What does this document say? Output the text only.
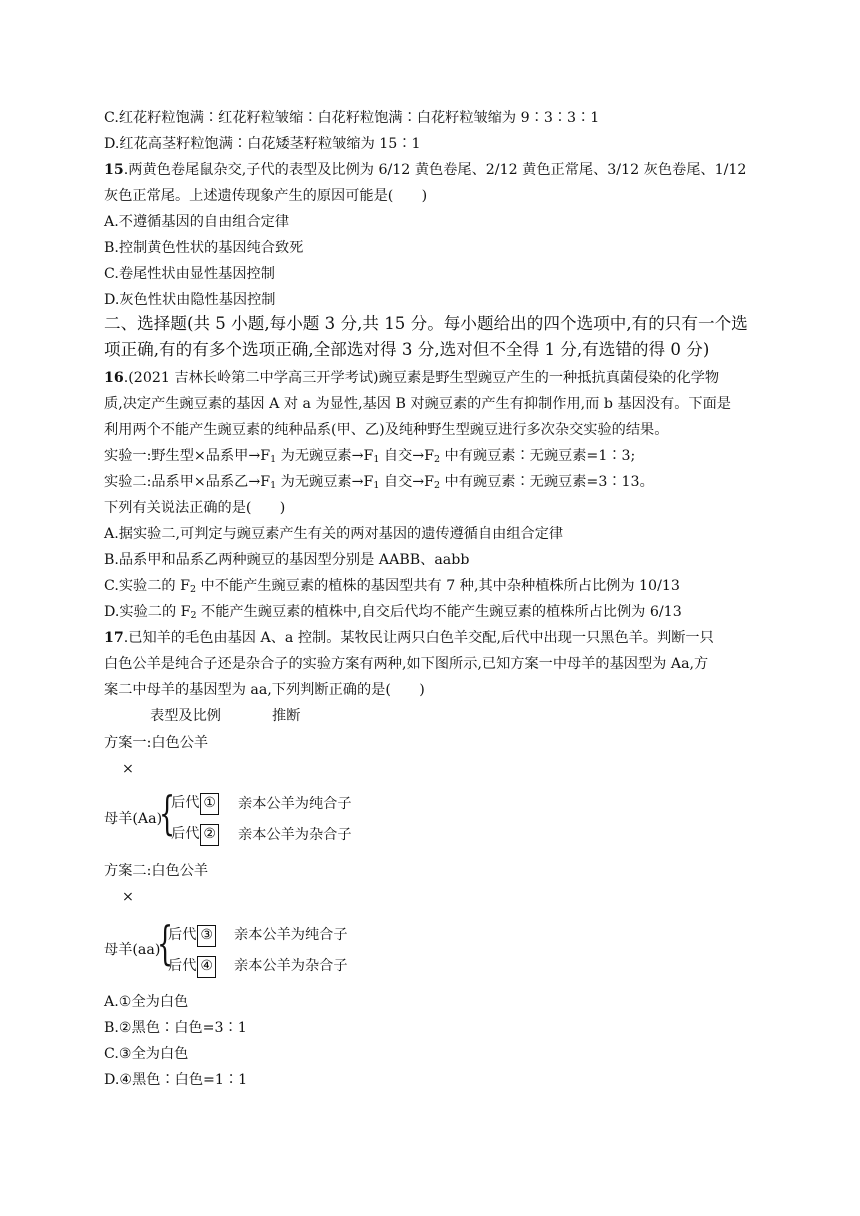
C.红花籽粒饱满∶红花籽粒皱缩∶白花籽粒饱满∶白花籽粒皱缩为 9∶3∶3∶1
D.红花高茎籽粒饱满∶白花矮茎籽粒皱缩为 15∶1
15.两黄色卷尾鼠杂交,子代的表型及比例为 6/12 黄色卷尾、2/12 黄色正常尾、3/12 灰色卷尾、1/12
灰色正常尾。上述遗传现象产生的原因可能是(　　)
A.不遵循基因的自由组合定律
B.控制黄色性状的基因纯合致死
C.卷尾性状由显性基因控制
D.灰色性状由隐性基因控制
二、选择题(共 5 小题,每小题 3 分,共 15 分。每小题给出的四个选项中,有的只有一个选
项正确,有的有多个选项正确,全部选对得 3 分,选对但不全得 1 分,有选错的得 0 分)
16.(2021 吉林长岭第二中学高三开学考试)豌豆素是野生型豌豆产生的一种抵抗真菌侵染的化学物
质,决定产生豌豆素的基因 A 对 a 为显性,基因 B 对豌豆素的产生有抑制作用,而 b 基因没有。下面是
利用两个不能产生豌豆素的纯种品系(甲、乙)及纯种野生型豌豆进行多次杂交实验的结果。
实验一:野生型×品系甲$\to F_1$ 为无豌豆素$\to F_1$ 自交$\to F_2$ 中有豌豆素∶无豌豆素=1∶3;
实验二:品系甲×品系乙$\to F_1$ 为无豌豆素$\to F_1$ 自交$\to F_2$ 中有豌豆素∶无豌豆素=3∶13。
下列有关说法正确的是(　　)
A.据实验二,可判定与豌豆素产生有关的两对基因的遗传遵循自由组合定律
B.品系甲和品系乙两种豌豆的基因型分别是 AABB、aabb
C.实验二的 $F_2$ 中不能产生豌豆素的植株的基因型共有 7 种,其中杂种植株所占比例为 10/13
D.实验二的 $F_2$ 不能产生豌豆素的植株中,自交后代均不能产生豌豆素的植株所占比例为 6/13
17.已知羊的毛色由基因 A、a 控制。某牧民让两只白色羊交配,后代中出现一只黑色羊。判断一只
白色公羊是纯合子还是杂合子的实验方案有两种,如下图所示,已知方案一中母羊的基因型为 Aa,方
案二中母羊的基因型为 aa,下列判断正确的是(　　)
表型及比例	推断
方案一:白色公羊
×
母羊(Aa)
{
后代 ① 亲本公羊为纯合子
后代 ② 亲本公羊为杂合子
方案二:白色公羊
×
母羊(aa)
{
后代 ③ 亲本公羊为纯合子
后代 ④ 亲本公羊为杂合子
A.①全为白色
B.②黑色∶白色=3∶1
C.③全为白色
D.④黑色∶白色=1∶1
